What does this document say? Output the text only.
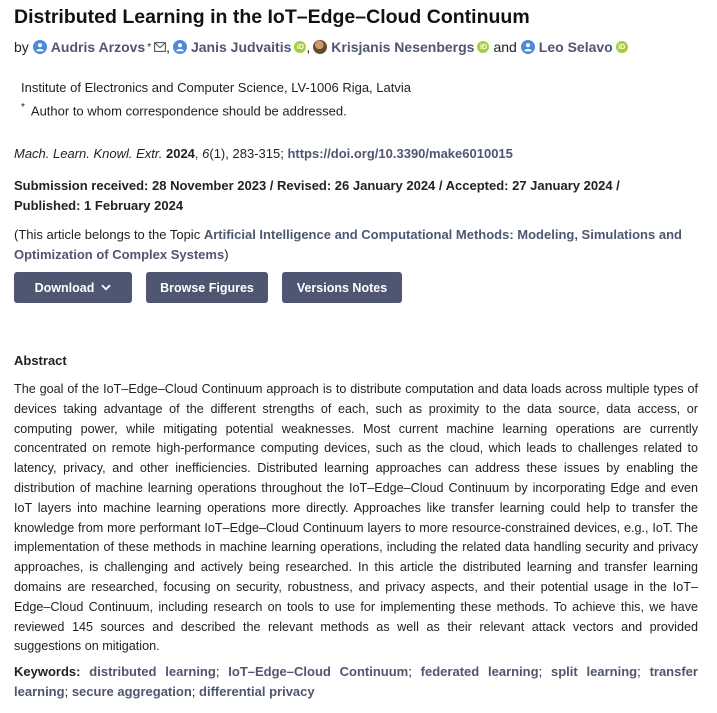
Distributed Learning in the IoT–Edge–Cloud Continuum
by Audris Arzovs * , Janis Judvaitis iD , Krisjanis Nesenbergs iD and Leo Selavo iD
Institute of Electronics and Computer Science, LV-1006 Riga, Latvia
* Author to whom correspondence should be addressed.
Mach. Learn. Knowl. Extr. 2024, 6(1), 283-315; https://doi.org/10.3390/make6010015
Submission received: 28 November 2023 / Revised: 26 January 2024 / Accepted: 27 January 2024 / Published: 1 February 2024
(This article belongs to the Topic Artificial Intelligence and Computational Methods: Modeling, Simulations and Optimization of Complex Systems)
Download	Browse Figures	Versions Notes
Abstract
The goal of the IoT–Edge–Cloud Continuum approach is to distribute computation and data loads across multiple types of devices taking advantage of the different strengths of each, such as proximity to the data source, data access, or computing power, while mitigating potential weaknesses. Most current machine learning operations are currently concentrated on remote high-performance computing devices, such as the cloud, which leads to challenges related to latency, privacy, and other inefficiencies. Distributed learning approaches can address these issues by enabling the distribution of machine learning operations throughout the IoT–Edge–Cloud Continuum by incorporating Edge and even IoT layers into machine learning operations more directly. Approaches like transfer learning could help to transfer the knowledge from more performant IoT–Edge–Cloud Continuum layers to more resource-constrained devices, e.g., IoT. The implementation of these methods in machine learning operations, including the related data handling security and privacy approaches, is challenging and actively being researched. In this article the distributed learning and transfer learning domains are researched, focusing on security, robustness, and privacy aspects, and their potential usage in the IoT–Edge–Cloud Continuum, including research on tools to use for implementing these methods. To achieve this, we have reviewed 145 sources and described the relevant methods as well as their relevant attack vectors and provided suggestions on mitigation.
Keywords: distributed learning; IoT–Edge–Cloud Continuum; federated learning; split learning; transfer learning; secure aggregation; differential privacy
